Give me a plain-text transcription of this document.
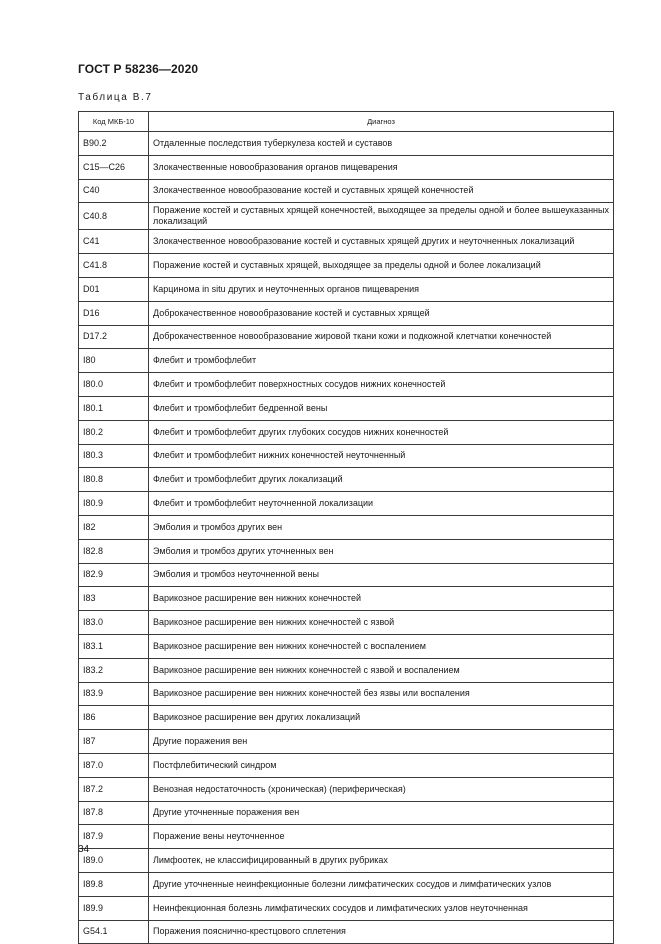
ГОСТ Р 58236—2020
Таблица В.7
Код МКБ-10	Диагноз
B90.2	Отдаленные последствия туберкулеза костей и суставов
C15—C26	Злокачественные новообразования органов пищеварения
C40	Злокачественное новообразование костей и суставных хрящей конечностей
C40.8	Поражение костей и суставных хрящей конечностей, выходящее за пределы одной и более вышеуказанных локализаций
C41	Злокачественное новообразование костей и суставных хрящей других и неуточненных локализаций
C41.8	Поражение костей и суставных хрящей, выходящее за пределы одной и более локализаций
D01	Карцинома in situ других и неуточненных органов пищеварения
D16	Доброкачественное новообразование костей и суставных хрящей
D17.2	Доброкачественное новообразование жировой ткани кожи и подкожной клетчатки конечностей
I80	Флебит и тромбофлебит
I80.0	Флебит и тромбофлебит поверхностных сосудов нижних конечностей
I80.1	Флебит и тромбофлебит бедренной вены
I80.2	Флебит и тромбофлебит других глубоких сосудов нижних конечностей
I80.3	Флебит и тромбофлебит нижних конечностей неуточненный
I80.8	Флебит и тромбофлебит других локализаций
I80.9	Флебит и тромбофлебит неуточненной локализации
I82	Эмболия и тромбоз других вен
I82.8	Эмболия и тромбоз других уточненных вен
I82.9	Эмболия и тромбоз неуточненной вены
I83	Варикозное расширение вен нижних конечностей
I83.0	Варикозное расширение вен нижних конечностей с язвой
I83.1	Варикозное расширение вен нижних конечностей с воспалением
I83.2	Варикозное расширение вен нижних конечностей с язвой и воспалением
I83.9	Варикозное расширение вен нижних конечностей без язвы или воспаления
I86	Варикозное расширение вен других локализаций
I87	Другие поражения вен
I87.0	Постфлебитический синдром
I87.2	Венозная недостаточность (хроническая) (периферическая)
I87.8	Другие уточненные поражения вен
I87.9	Поражение вены неуточненное
I89.0	Лимфоотек, не классифицированный в других рубриках
I89.8	Другие уточненные неинфекционные болезни лимфатических сосудов и лимфатических узлов
I89.9	Неинфекционная болезнь лимфатических сосудов и лимфатических узлов неуточненная
G54.1	Поражения пояснично-крестцового сплетения
34
